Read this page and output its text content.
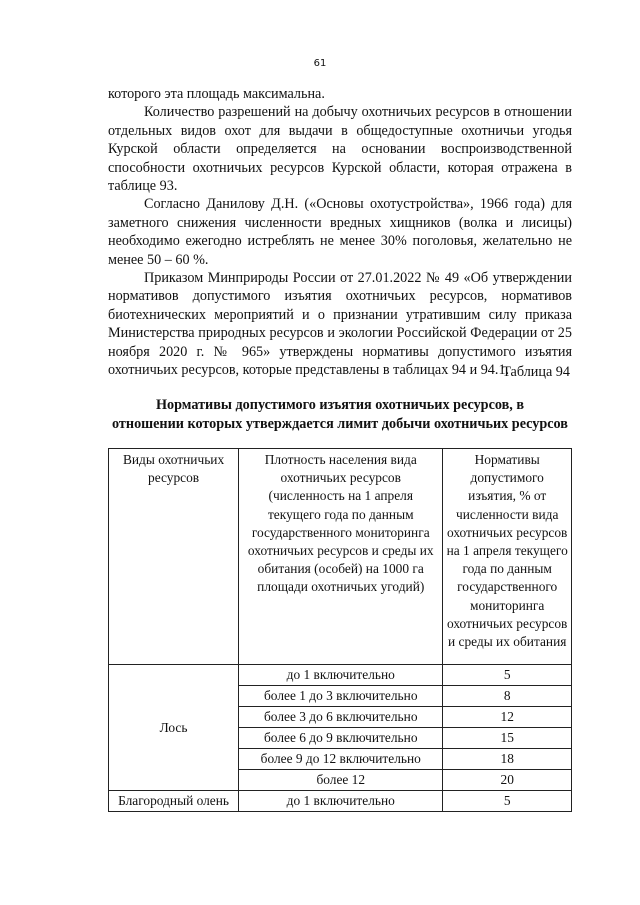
61

которого эта площадь максимальна.

Количество разрешений на добычу охотничьих ресурсов в отношении отдельных видов охот для выдачи в общедоступные охотничьи угодья Курской области определяется на основании воспроизводственной способности охотничьих ресурсов Курской области, которая отражена в таблице 93.

Согласно Данилову Д.Н. («Основы охотустройства», 1966 года) для заметного снижения численности вредных хищников (волка и лисицы) необходимо ежегодно истреблять не менее 30% поголовья, желательно не менее 50 – 60 %.

Приказом Минприроды России от 27.01.2022 № 49 «Об утверждении нормативов допустимого изъятия охотничьих ресурсов, нормативов биотехнических мероприятий и о признании утратившим силу приказа Министерства природных ресурсов и экологии Российской Федерации от 25 ноября 2020 г. № 965» утверждены нормативы допустимого изъятия охотничьих ресурсов, которые представлены в таблицах 94 и 94.1.

Таблица 94
Нормативы допустимого изъятия охотничьих ресурсов, в
отношении которых утверждается лимит добычи охотничьих ресурсов
Виды охотничьих ресурсов	Плотность населения вида охотничьих ресурсов (численность на 1 апреля текущего года по данным государственного мониторинга охотничьих ресурсов и среды их обитания (особей) на 1000 га площади охотничьих угодий)	Нормативы допустимого изъятия, % от численности вида охотничьих ресурсов на 1 апреля текущего года по данным государственного мониторинга охотничьих ресурсов и среды их обитания
Лось	до 1 включительно	5
	более 1 до 3 включительно	8
	более 3 до 6 включительно	12
	более 6 до 9 включительно	15
	более 9 до 12 включительно	18
	более 12	20
Благородный олень	до 1 включительно	5
